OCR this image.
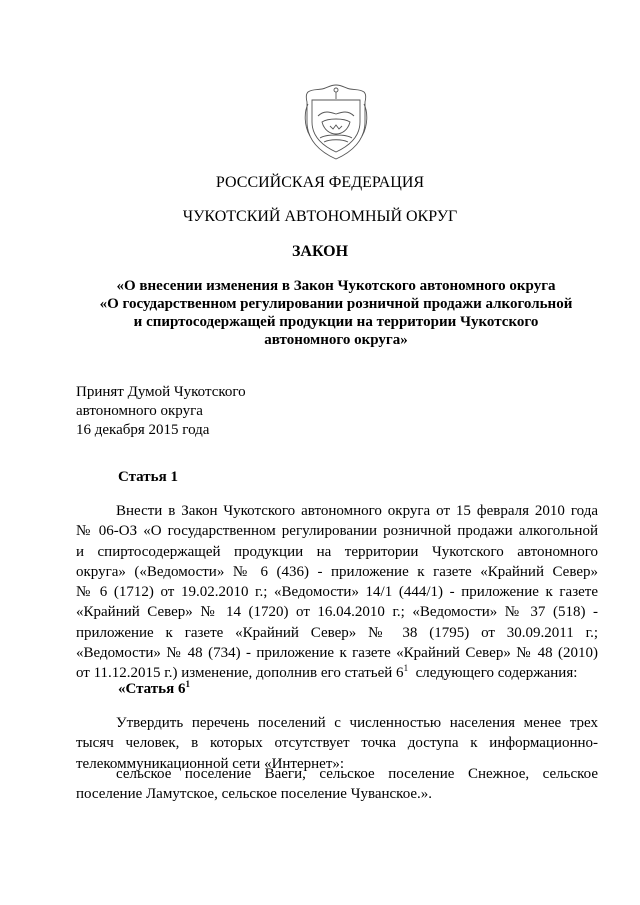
РОССИЙСКАЯ ФЕДЕРАЦИЯ
ЧУКОТСКИЙ АВТОНОМНЫЙ ОКРУГ
ЗАКОН
«О внесении изменения в Закон Чукотского автономного округа
«О государственном регулировании розничной продажи алкогольной
и спиртосодержащей продукции на территории Чукотского
автономного округа»
Принят Думой Чукотского
автономного округа
16 декабря 2015 года
Статья 1
Внести в Закон Чукотского автономного округа от 15 февраля 2010 года
№ 06-ОЗ «О государственном регулировании розничной продажи алкогольной
и спиртосодержащей продукции на территории Чукотского автономного
округа» («Ведомости» № 6 (436) - приложение к газете «Крайний Север»
№ 6 (1712) от 19.02.2010 г.; «Ведомости» 14/1 (444/1) - приложение к газете
«Крайний Север» № 14 (1720) от 16.04.2010 г.; «Ведомости» № 37 (518) -
приложение к газете «Крайний Север» № 38 (1795) от 30.09.2011 г.;
«Ведомости» № 48 (734) - приложение к газете «Крайний Север» № 48 (2010)
от 11.12.2015 г.) изменение, дополнив его статьей $6^1$  следующего содержания:
«Статья $6^1$
Утвердить перечень поселений с численностью населения менее трех
тысяч человек, в которых отсутствует точка доступа к информационно-
телекоммуникационной сети «Интернет»:
сельское поселение Ваеги, сельское поселение Снежное, сельское
поселение Ламутское, сельское поселение Чуванское.».
